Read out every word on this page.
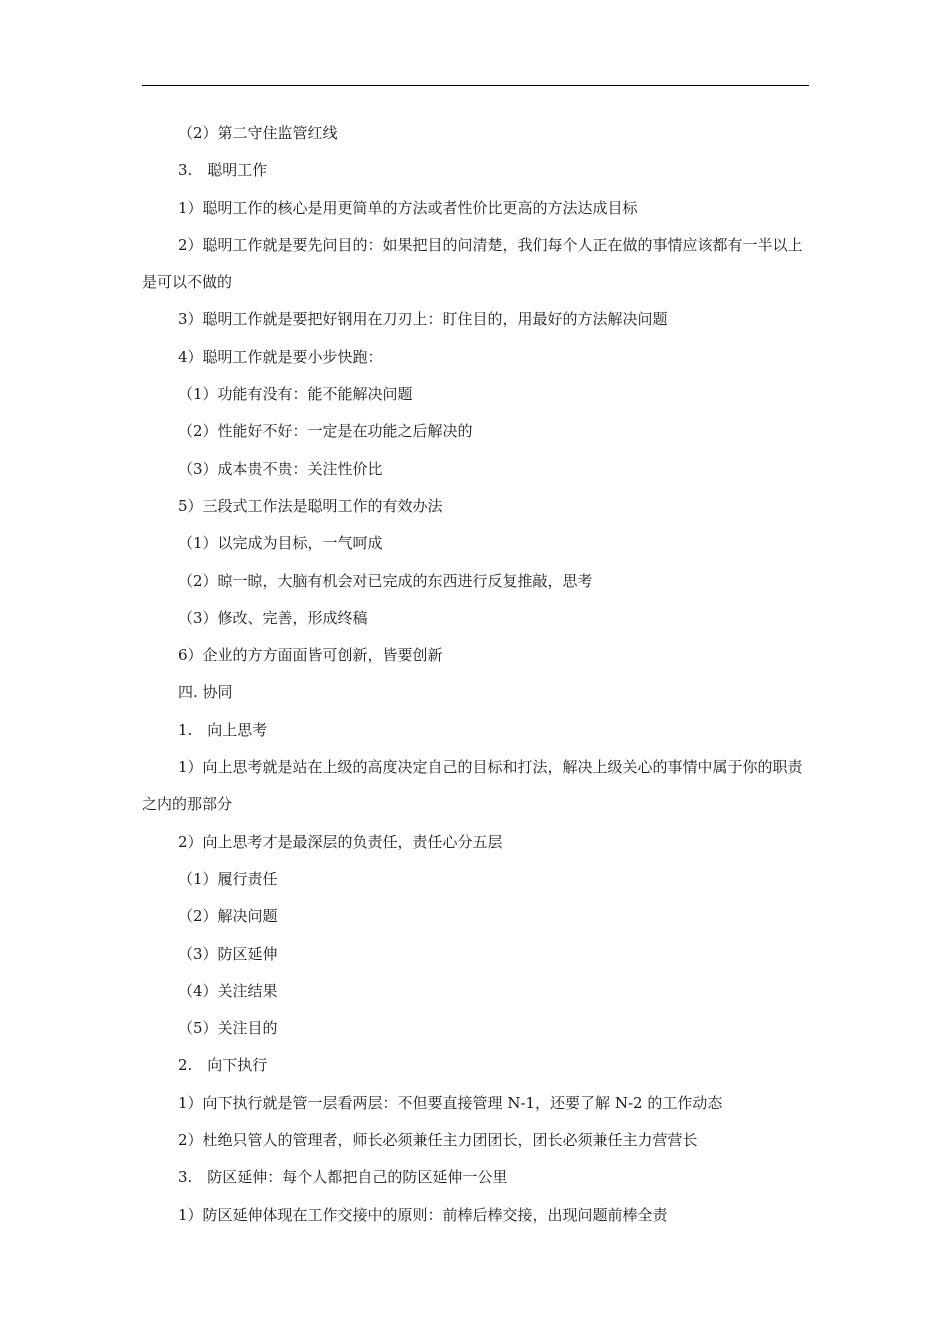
（2）第二守住监管红线
3.　聪明工作
1）聪明工作的核心是用更简单的方法或者性价比更高的方法达成目标
2）聪明工作就是要先问目的：如果把目的问清楚，我们每个人正在做的事情应该都有一半以上是可以不做的
3）聪明工作就是要把好钢用在刀刃上：盯住目的，用最好的方法解决问题
4）聪明工作就是要小步快跑：
（1）功能有没有：能不能解决问题
（2）性能好不好：一定是在功能之后解决的
（3）成本贵不贵：关注性价比
5）三段式工作法是聪明工作的有效办法
（1）以完成为目标，一气呵成
（2）晾一晾，大脑有机会对已完成的东西进行反复推敲，思考
（3）修改、完善，形成终稿
6）企业的方方面面皆可创新，皆要创新
四. 协同
1.　向上思考
1）向上思考就是站在上级的高度决定自己的目标和打法，解决上级关心的事情中属于你的职责之内的那部分
2）向上思考才是最深层的负责任，责任心分五层
（1）履行责任
（2）解决问题
（3）防区延伸
（4）关注结果
（5）关注目的
2.　向下执行
1）向下执行就是管一层看两层：不但要直接管理 N-1，还要了解 N-2 的工作动态
2）杜绝只管人的管理者，师长必须兼任主力团团长，团长必须兼任主力营营长
3.　防区延伸：每个人都把自己的防区延伸一公里
1）防区延伸体现在工作交接中的原则：前棒后棒交接，出现问题前棒全责
